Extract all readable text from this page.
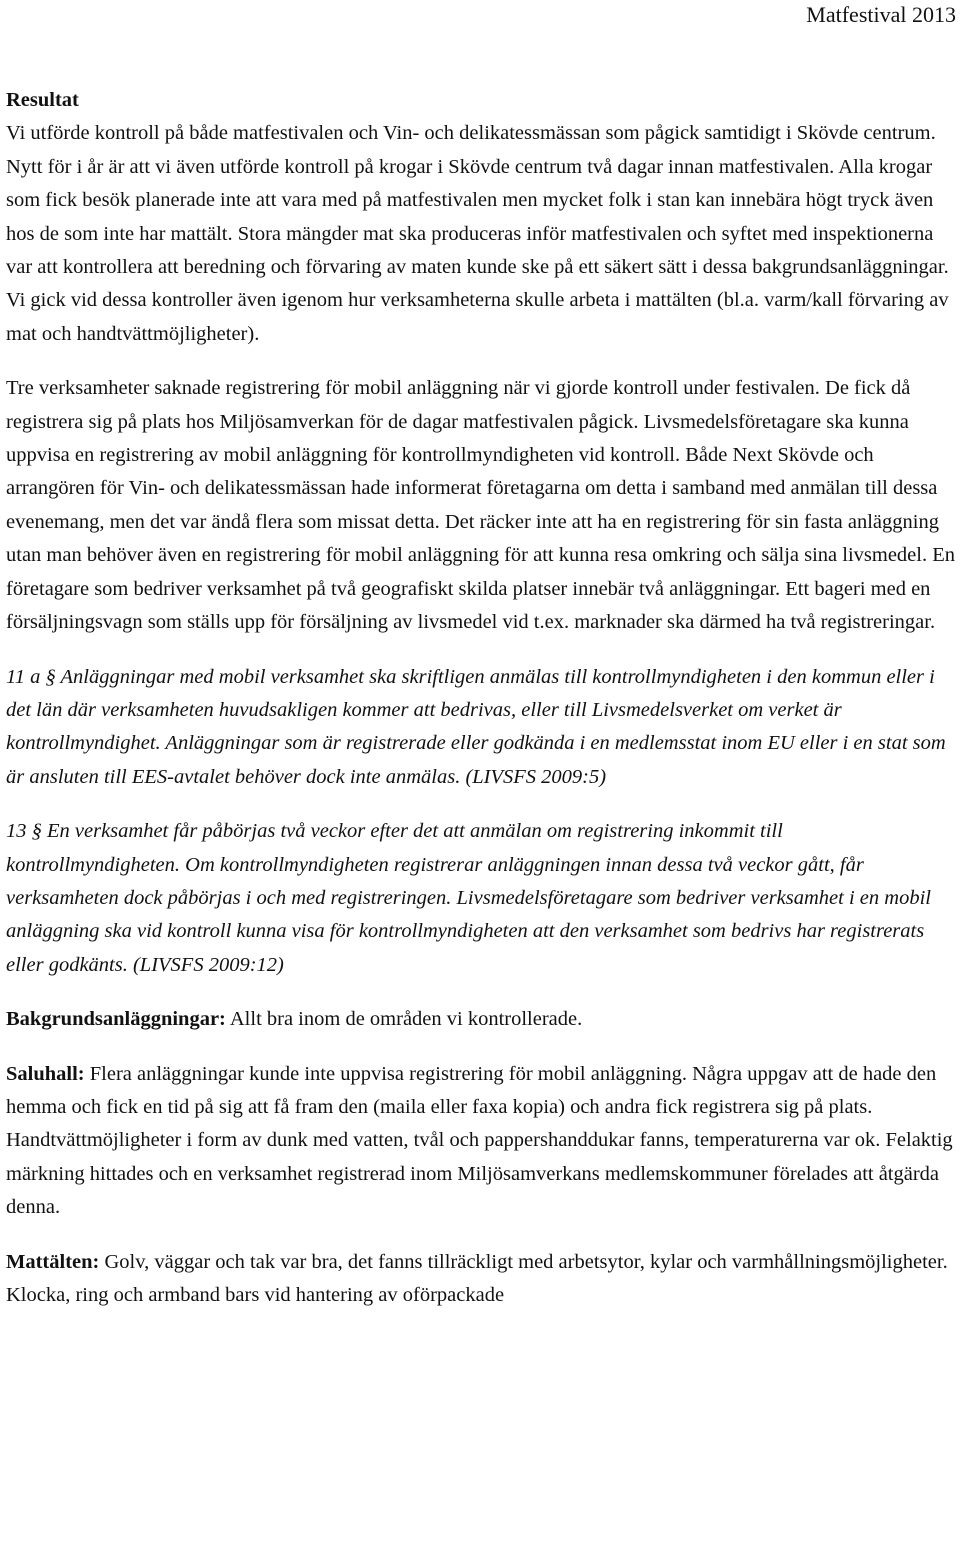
Matfestival 2013

Resultat

Vi utförde kontroll på både matfestivalen och Vin- och delikatessmässan som pågick samtidigt i Skövde centrum. Nytt för i år är att vi även utförde kontroll på krogar i Skövde centrum två dagar innan matfestivalen. Alla krogar som fick besök planerade inte att vara med på matfestivalen men mycket folk i stan kan innebära högt tryck även hos de som inte har mattält. Stora mängder mat ska produceras inför matfestivalen och syftet med inspektionerna var att kontrollera att beredning och förvaring av maten kunde ske på ett säkert sätt i dessa bakgrundsanläggningar. Vi gick vid dessa kontroller även igenom hur verksamheterna skulle arbeta i mattälten (bl.a. varm/kall förvaring av mat och handtvättmöjligheter).

Tre verksamheter saknade registrering för mobil anläggning när vi gjorde kontroll under festivalen. De fick då registrera sig på plats hos Miljösamverkan för de dagar matfestivalen pågick. Livsmedelsföretagare ska kunna uppvisa en registrering av mobil anläggning för kontrollmyndigheten vid kontroll. Både Next Skövde och arrangören för Vin- och delikatessmässan hade informerat företagarna om detta i samband med anmälan till dessa evenemang, men det var ändå flera som missat detta. Det räcker inte att ha en registrering för sin fasta anläggning utan man behöver även en registrering för mobil anläggning för att kunna resa omkring och sälja sina livsmedel. En företagare som bedriver verksamhet på två geografiskt skilda platser innebär två anläggningar. Ett bageri med en försäljningsvagn som ställs upp för försäljning av livsmedel vid t.ex. marknader ska därmed ha två registreringar.

11 a § Anläggningar med mobil verksamhet ska skriftligen anmälas till kontrollmyndigheten i den kommun eller i det län där verksamheten huvudsakligen kommer att bedrivas, eller till Livsmedelsverket om verket är kontrollmyndighet. Anläggningar som är registrerade eller godkända i en medlemsstat inom EU eller i en stat som är ansluten till EES-avtalet behöver dock inte anmälas. (LIVSFS 2009:5)

13 § En verksamhet får påbörjas två veckor efter det att anmälan om registrering inkommit till kontrollmyndigheten. Om kontrollmyndigheten registrerar anläggningen innan dessa två veckor gått, får verksamheten dock påbörjas i och med registreringen. Livsmedelsföretagare som bedriver verksamhet i en mobil anläggning ska vid kontroll kunna visa för kontrollmyndigheten att den verksamhet som bedrivs har registrerats eller godkänts. (LIVSFS 2009:12)

Bakgrundsanläggningar: Allt bra inom de områden vi kontrollerade.

Saluhall: Flera anläggningar kunde inte uppvisa registrering för mobil anläggning. Några uppgav att de hade den hemma och fick en tid på sig att få fram den (maila eller faxa kopia) och andra fick registrera sig på plats. Handtvättmöjligheter i form av dunk med vatten, tvål och pappershanddukar fanns, temperaturerna var ok. Felaktig märkning hittades och en verksamhet registrerad inom Miljösamverkans medlemskommuner förelades att åtgärda denna.

Mattälten: Golv, väggar och tak var bra, det fanns tillräckligt med arbetsytor, kylar och varmhållningsmöjligheter. Klocka, ring och armband bars vid hantering av oförpackade
